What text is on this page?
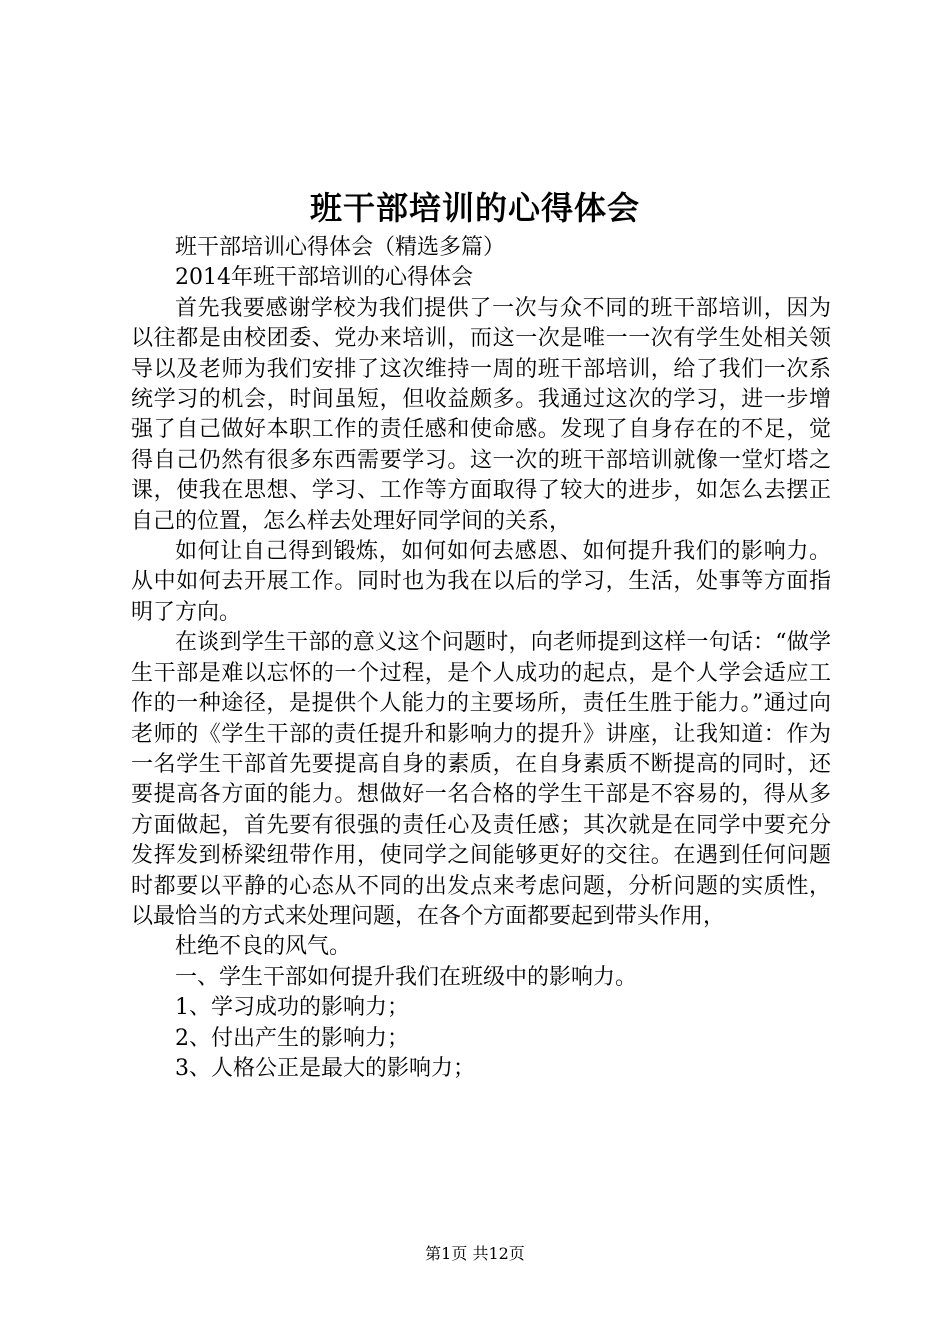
班干部培训的心得体会

班干部培训心得体会（精选多篇）

2014年班干部培训的心得体会

首先我要感谢学校为我们提供了一次与众不同的班干部培训，因为以往都是由校团委、党办来培训，而这一次是唯一一次有学生处相关领导以及老师为我们安排了这次维持一周的班干部培训，给了我们一次系统学习的机会，时间虽短，但收益颇多。我通过这次的学习，进一步增强了自己做好本职工作的责任感和使命感。发现了自身存在的不足，觉得自己仍然有很多东西需要学习。这一次的班干部培训就像一堂灯塔之课，使我在思想、学习、工作等方面取得了较大的进步，如怎么去摆正自己的位置，怎么样去处理好同学间的关系，

如何让自己得到锻炼，如何如何去感恩、如何提升我们的影响力。从中如何去开展工作。同时也为我在以后的学习，生活，处事等方面指明了方向。

在谈到学生干部的意义这个问题时，向老师提到这样一句话：“做学生干部是难以忘怀的一个过程，是个人成功的起点，是个人学会适应工作的一种途径，是提供个人能力的主要场所，责任生胜于能力。”通过向老师的《学生干部的责任提升和影响力的提升》讲座，让我知道：作为一名学生干部首先要提高自身的素质，在自身素质不断提高的同时，还要提高各方面的能力。想做好一名合格的学生干部是不容易的，得从多方面做起，首先要有很强的责任心及责任感；其次就是在同学中要充分发挥发到桥梁纽带作用，使同学之间能够更好的交往。在遇到任何问题时都要以平静的心态从不同的出发点来考虑问题，分析问题的实质性，以最恰当的方式来处理问题，在各个方面都要起到带头作用，

杜绝不良的风气。

一、学生干部如何提升我们在班级中的影响力。

1、学习成功的影响力；

2、付出产生的影响力；

3、人格公正是最大的影响力；

第1页 共12页
